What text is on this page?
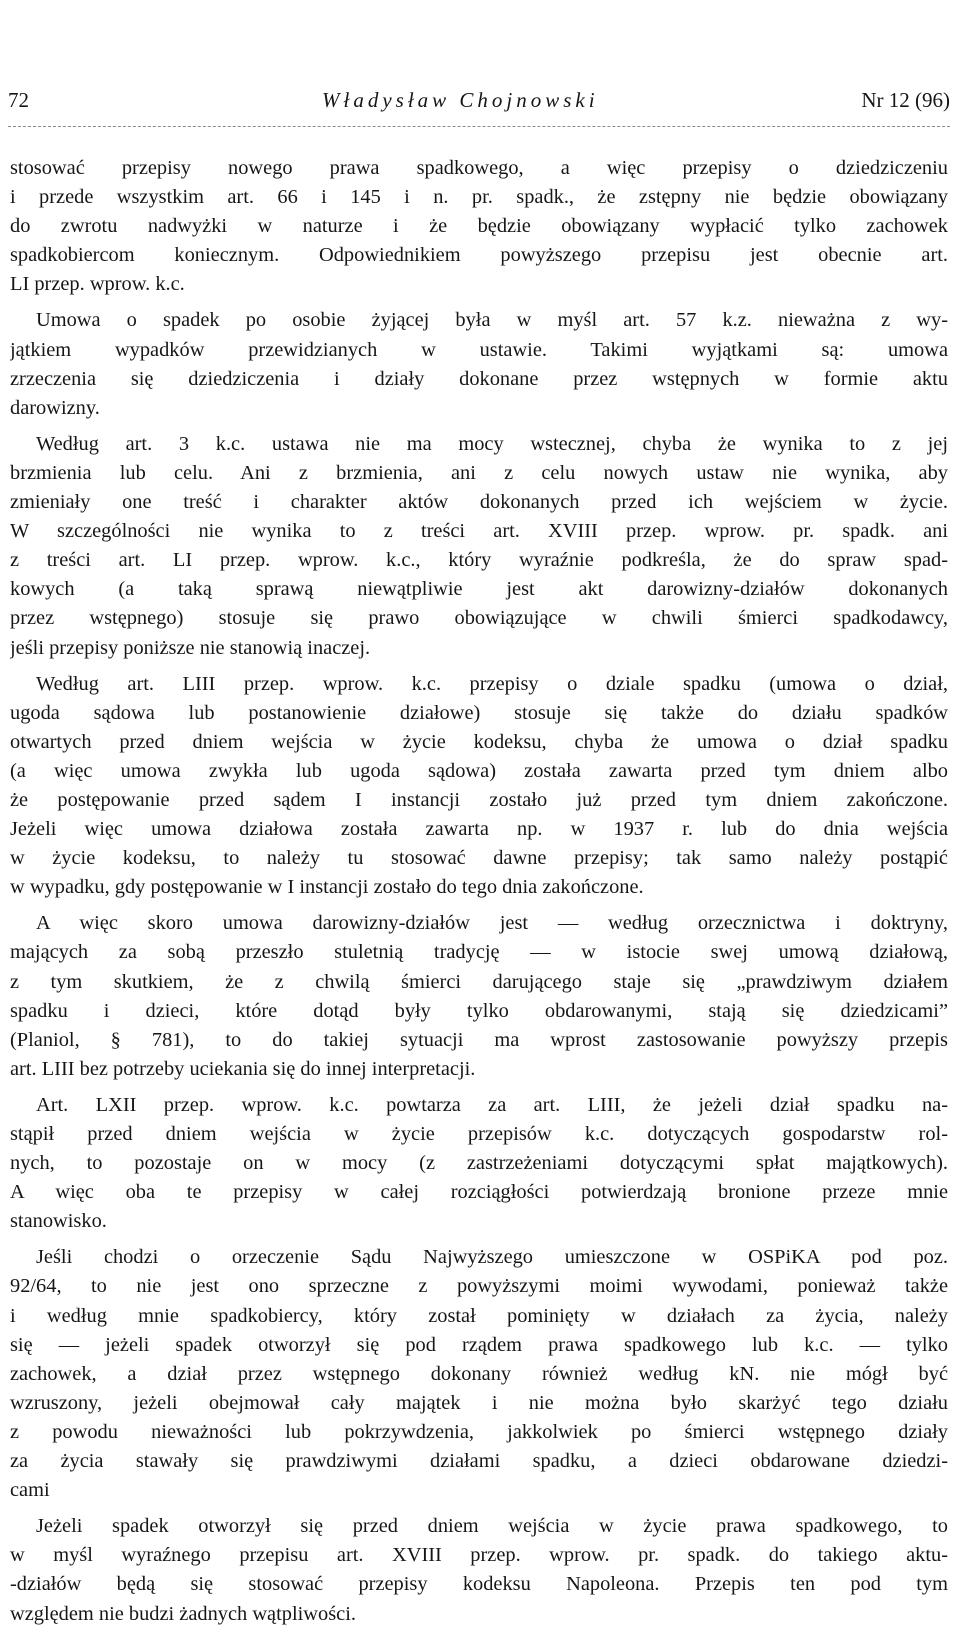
72	Władysław Chojnowski	Nr 12 (96)
stosować przepisy nowego prawa spadkowego, a więc przepisy o dziedziczeniu
i przede wszystkim art. 66 i 145 i n. pr. spadk., że zstępny nie będzie obowiązany
do zwrotu nadwyżki w naturze i że będzie obowiązany wypłacić tylko zachowek
spadkobiercom koniecznym. Odpowiednikiem powyższego przepisu jest obecnie art.
LI przep. wprow. k.c.
Umowa o spadek po osobie żyjącej była w myśl art. 57 k.z. nieważna z wy-
jątkiem wypadków przewidzianych w ustawie. Takimi wyjątkami są: umowa
zrzeczenia się dziedziczenia i działy dokonane przez wstępnych w formie aktu
darowizny.
Według art. 3 k.c. ustawa nie ma mocy wstecznej, chyba że wynika to z jej
brzmienia lub celu. Ani z brzmienia, ani z celu nowych ustaw nie wynika, aby
zmieniały one treść i charakter aktów dokonanych przed ich wejściem w życie.
W szczególności nie wynika to z treści art. XVIII przep. wprow. pr. spadk. ani
z treści art. LI przep. wprow. k.c., który wyraźnie podkreśla, że do spraw spad-
kowych (a taką sprawą niewątpliwie jest akt darowizny-działów dokonanych
przez wstępnego) stosuje się prawo obowiązujące w chwili śmierci spadkodawcy,
jeśli przepisy poniższe nie stanowią inaczej.
Według art. LIII przep. wprow. k.c. przepisy o dziale spadku (umowa o dział,
ugoda sądowa lub postanowienie działowe) stosuje się także do działu spadków
otwartych przed dniem wejścia w życie kodeksu, chyba że umowa o dział spadku
(a więc umowa zwykła lub ugoda sądowa) została zawarta przed tym dniem albo
że postępowanie przed sądem I instancji zostało już przed tym dniem zakończone.
Jeżeli więc umowa działowa została zawarta np. w 1937 r. lub do dnia wejścia
w życie kodeksu, to należy tu stosować dawne przepisy; tak samo należy postąpić
w wypadku, gdy postępowanie w I instancji zostało do tego dnia zakończone.
A więc skoro umowa darowizny-działów jest — według orzecznictwa i doktryny,
mających za sobą przeszło stuletnią tradycję — w istocie swej umową działową,
z tym skutkiem, że z chwilą śmierci darującego staje się „prawdziwym działem
spadku i dzieci, które dotąd były tylko obdarowanymi, stają się dziedzicami”
(Planiol, § 781), to do takiej sytuacji ma wprost zastosowanie powyższy przepis
art. LIII bez potrzeby uciekania się do innej interpretacji.
Art. LXII przep. wprow. k.c. powtarza za art. LIII, że jeżeli dział spadku na-
stąpił przed dniem wejścia w życie przepisów k.c. dotyczących gospodarstw rol-
nych, to pozostaje on w mocy (z zastrzeżeniami dotyczącymi spłat majątkowych).
A więc oba te przepisy w całej rozciągłości potwierdzają bronione przeze mnie
stanowisko.
Jeśli chodzi o orzeczenie Sądu Najwyższego umieszczone w OSPiKA pod poz.
92/64, to nie jest ono sprzeczne z powyższymi moimi wywodami, ponieważ także
i według mnie spadkobiercy, który został pominięty w działach za życia, należy
się — jeżeli spadek otworzył się pod rządem prawa spadkowego lub k.c. — tylko
zachowek, a dział przez wstępnego dokonany również według kN. nie mógł być
wzruszony, jeżeli obejmował cały majątek i nie można było skarżyć tego działu
z powodu nieważności lub pokrzywdzenia, jakkolwiek po śmierci wstępnego działy
za życia stawały się prawdziwymi działami spadku, a dzieci obdarowane dziedzi-
cami
Jeżeli spadek otworzył się przed dniem wejścia w życie prawa spadkowego, to
w myśl wyraźnego przepisu art. XVIII przep. wprow. pr. spadk. do takiego aktu-
-działów będą się stosować przepisy kodeksu Napoleona. Przepis ten pod tym
względem nie budzi żadnych wątpliwości.
